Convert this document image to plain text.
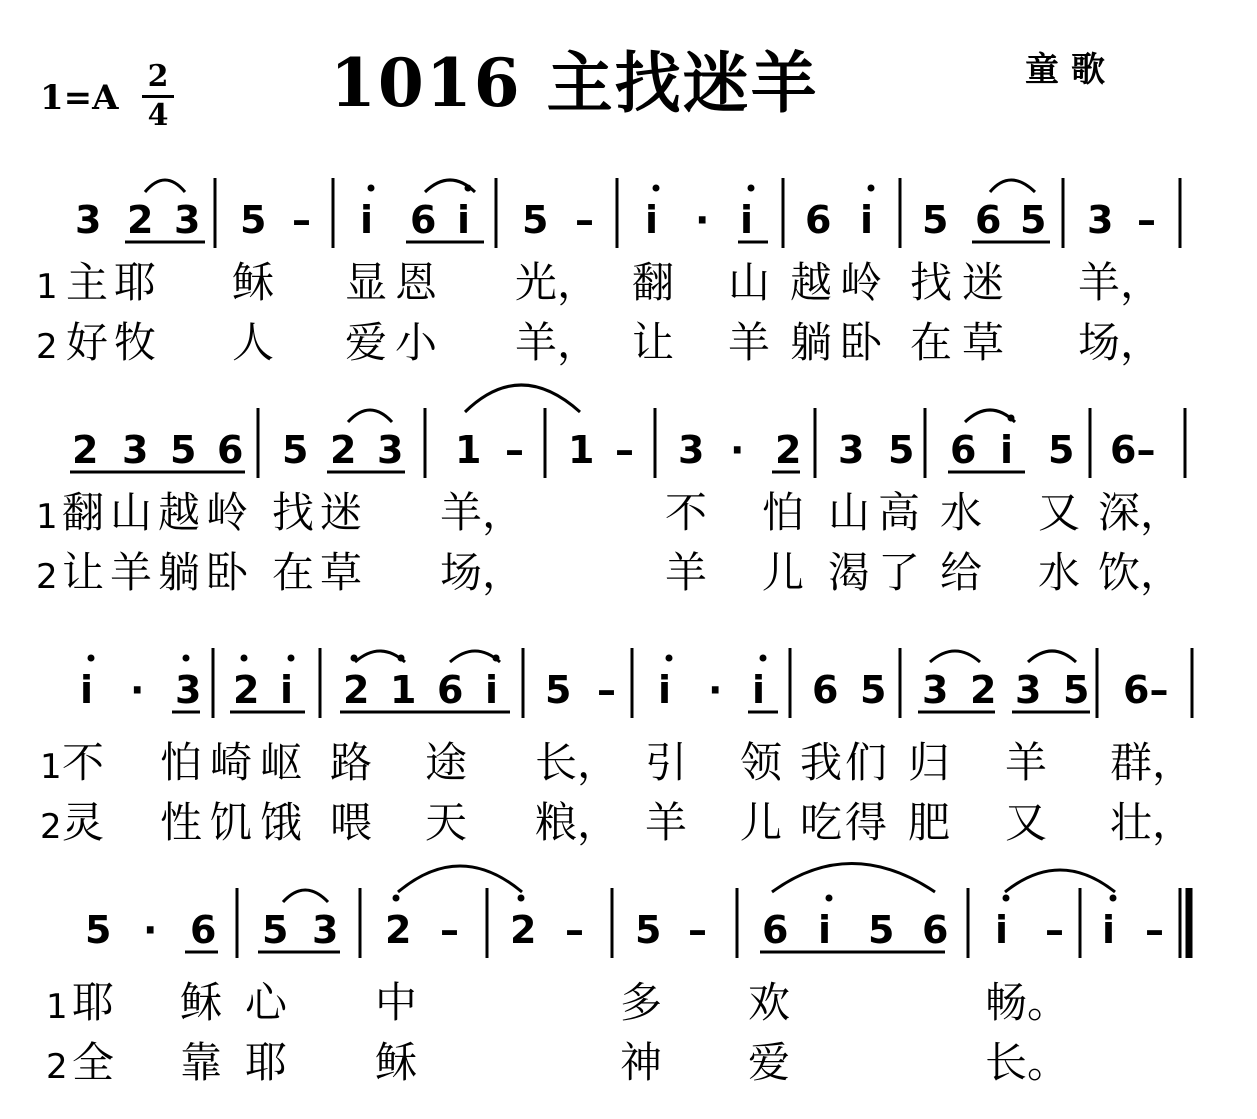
1016 主找迷羊
1=A
2
4
童歌
3 2 3 5 – i 6 i 5 – i · i 6 i 5 6 5 3 –
1 主 耶 稣 显 恩 光， 翻 山 越 岭 找 迷 羊，
2 好 牧 人 爱 小 羊， 让 羊 躺 卧 在 草 场，
2 3 5 6 5 2 3 1 – 1 – 3 · 2 3 5 6 i 5 6–
1 翻 山 越 岭 找 迷 羊，	不 怕 山 高 水 又 深，
2 让 羊 躺 卧 在 草 场，	羊 儿 渴 了 给 水 饮，
i · 3 2 i 2 1 6 i 5 – i · i 6 5 3 2 3 5 6–
1 不 怕 崎 岖 路 途 长， 引 领 我 们 归 羊 群，
2 灵 性 饥 饿 喂 天 粮， 羊 儿 吃 得 肥 又 壮，
5 · 6 5 3 2 – 2 – 5 – 6 i 5 6 i – i –
1 耶 稣 心 中	多 欢	畅。
2 全 靠 耶 稣	神 爱	长。
